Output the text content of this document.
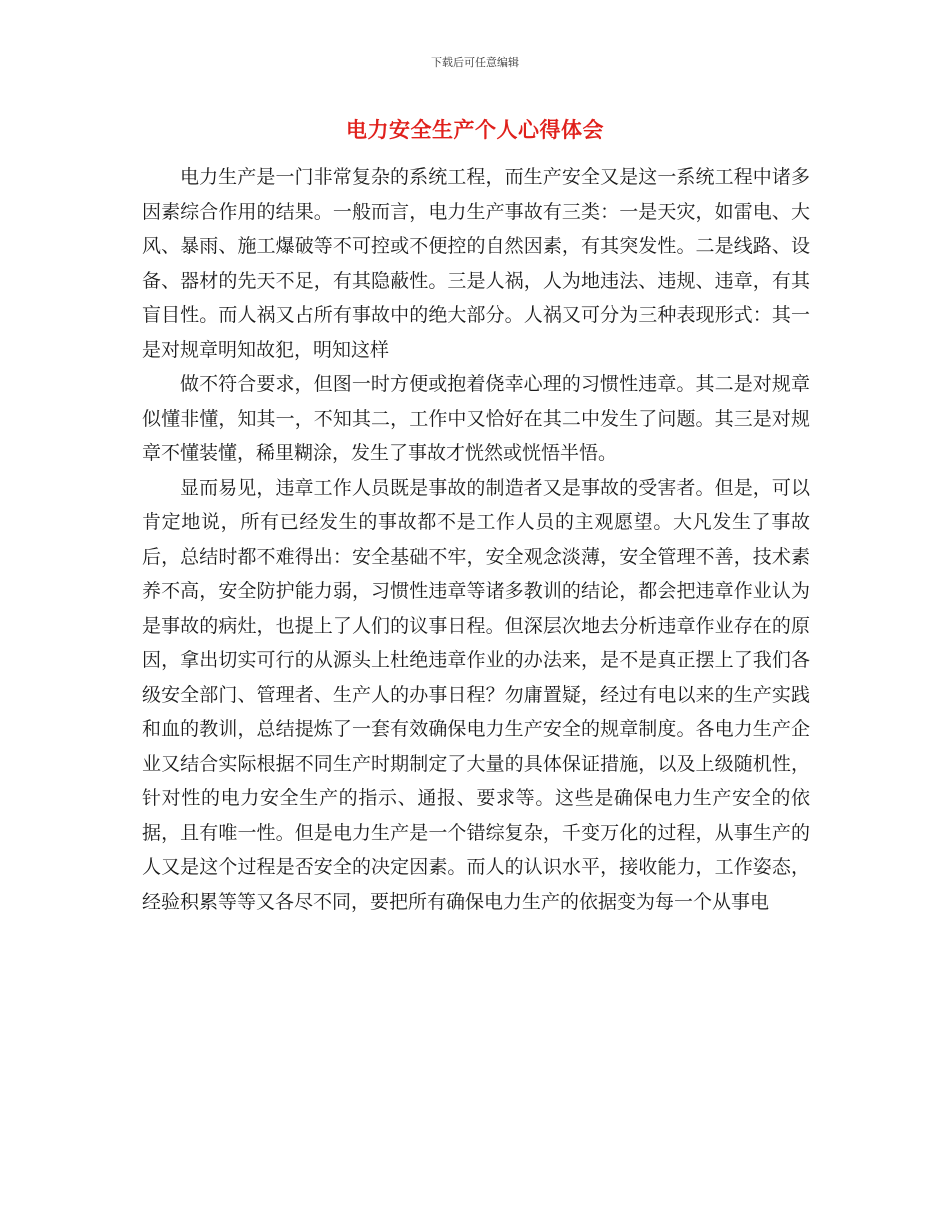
下载后可任意编辑
电力安全生产个人心得体会

电力生产是一门非常复杂的系统工程，而生产安全又是这一系统工程中诸多因素综合作用的结果。一般而言，电力生产事故有三类：一是天灾，如雷电、大风、暴雨、施工爆破等不可控或不便控的自然因素，有其突发性。二是线路、设备、器材的先天不足，有其隐蔽性。三是人祸，人为地违法、违规、违章，有其盲目性。而人祸又占所有事故中的绝大部分。人祸又可分为三种表现形式：其一是对规章明知故犯，明知这样

做不符合要求，但图一时方便或抱着侥幸心理的习惯性违章。其二是对规章似懂非懂，知其一，不知其二，工作中又恰好在其二中发生了问题。其三是对规章不懂装懂，稀里糊涂，发生了事故才恍然或恍悟半悟。

显而易见，违章工作人员既是事故的制造者又是事故的受害者。但是，可以肯定地说，所有已经发生的事故都不是工作人员的主观愿望。大凡发生了事故后，总结时都不难得出：安全基础不牢，安全观念淡薄，安全管理不善，技术素养不高，安全防护能力弱，习惯性违章等诸多教训的结论，都会把违章作业认为是事故的病灶，也提上了人们的议事日程。但深层次地去分析违章作业存在的原因，拿出切实可行的从源头上杜绝违章作业的办法来，是不是真正摆上了我们各级安全部门、管理者、生产人的办事日程？勿庸置疑，经过有电以来的生产实践和血的教训，总结提炼了一套有效确保电力生产安全的规章制度。各电力生产企业又结合实际根据不同生产时期制定了大量的具体保证措施，以及上级随机性，针对性的电力安全生产的指示、通报、要求等。这些是确保电力生产安全的依据，且有唯一性。但是电力生产是一个错综复杂，千变万化的过程，从事生产的人又是这个过程是否安全的决定因素。而人的认识水平，接收能力，工作姿态，经验积累等等又各尽不同，要把所有确保电力生产的依据变为每一个从事电
